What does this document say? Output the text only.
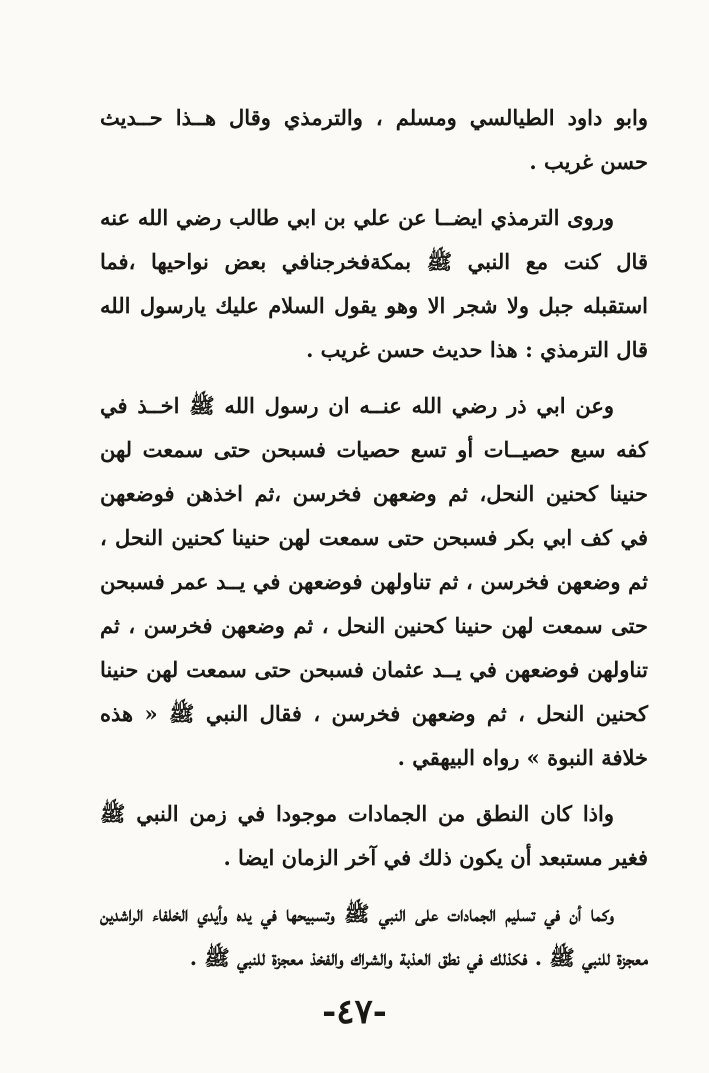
وابو داود الطيالسي ومسلم ، والترمذي وقال هــذا حــديث حسن غريب .

وروى الترمذي ايضــا عن علي بن ابي طالب رضي الله عنه قال كنت مع النبي ﷺ بمكةفخرجنافي بعض نواحيها ،فما استقبله جبل ولا شجر الا وهو يقول السلام عليك يارسول الله قال الترمذي : هذا حديث حسن غريب .

وعن ابي ذر رضي الله عنــه ان رسول الله ﷺ اخــذ في كفه سبع حصيــات أو تسع حصيات فسبحن حتى سمعت لهن حنينا كحنين النحل، ثم وضعهن فخرسن ،ثم اخذهن فوضعهن في كف ابي بكر فسبحن حتى سمعت لهن حنينا كحنين النحل ، ثم وضعهن فخرسن ، ثم تناولهن فوضعهن في يــد عمر فسبحن حتى سمعت لهن حنينا كحنين النحل ، ثم وضعهن فخرسن ، ثم تناولهن فوضعهن في يــد عثمان فسبحن حتى سمعت لهن حنينا كحنين النحل ، ثم وضعهن فخرسن ، فقال النبي ﷺ « هذه خلافة النبوة » رواه البيهقي .

واذا كان النطق من الجمادات موجودا في زمن النبي ﷺ فغير مستبعد أن يكون ذلك في آخر الزمان ايضا .

وكما أن في تسليم الجمادات على النبي ﷺ وتسبيحها في يده وأيدي الخلفاء الراشدين معجزة للنبي ﷺ . فكذلك في نطق العذبة والشراك والفخذ معجزة للنبي ﷺ .

-٤٧-
